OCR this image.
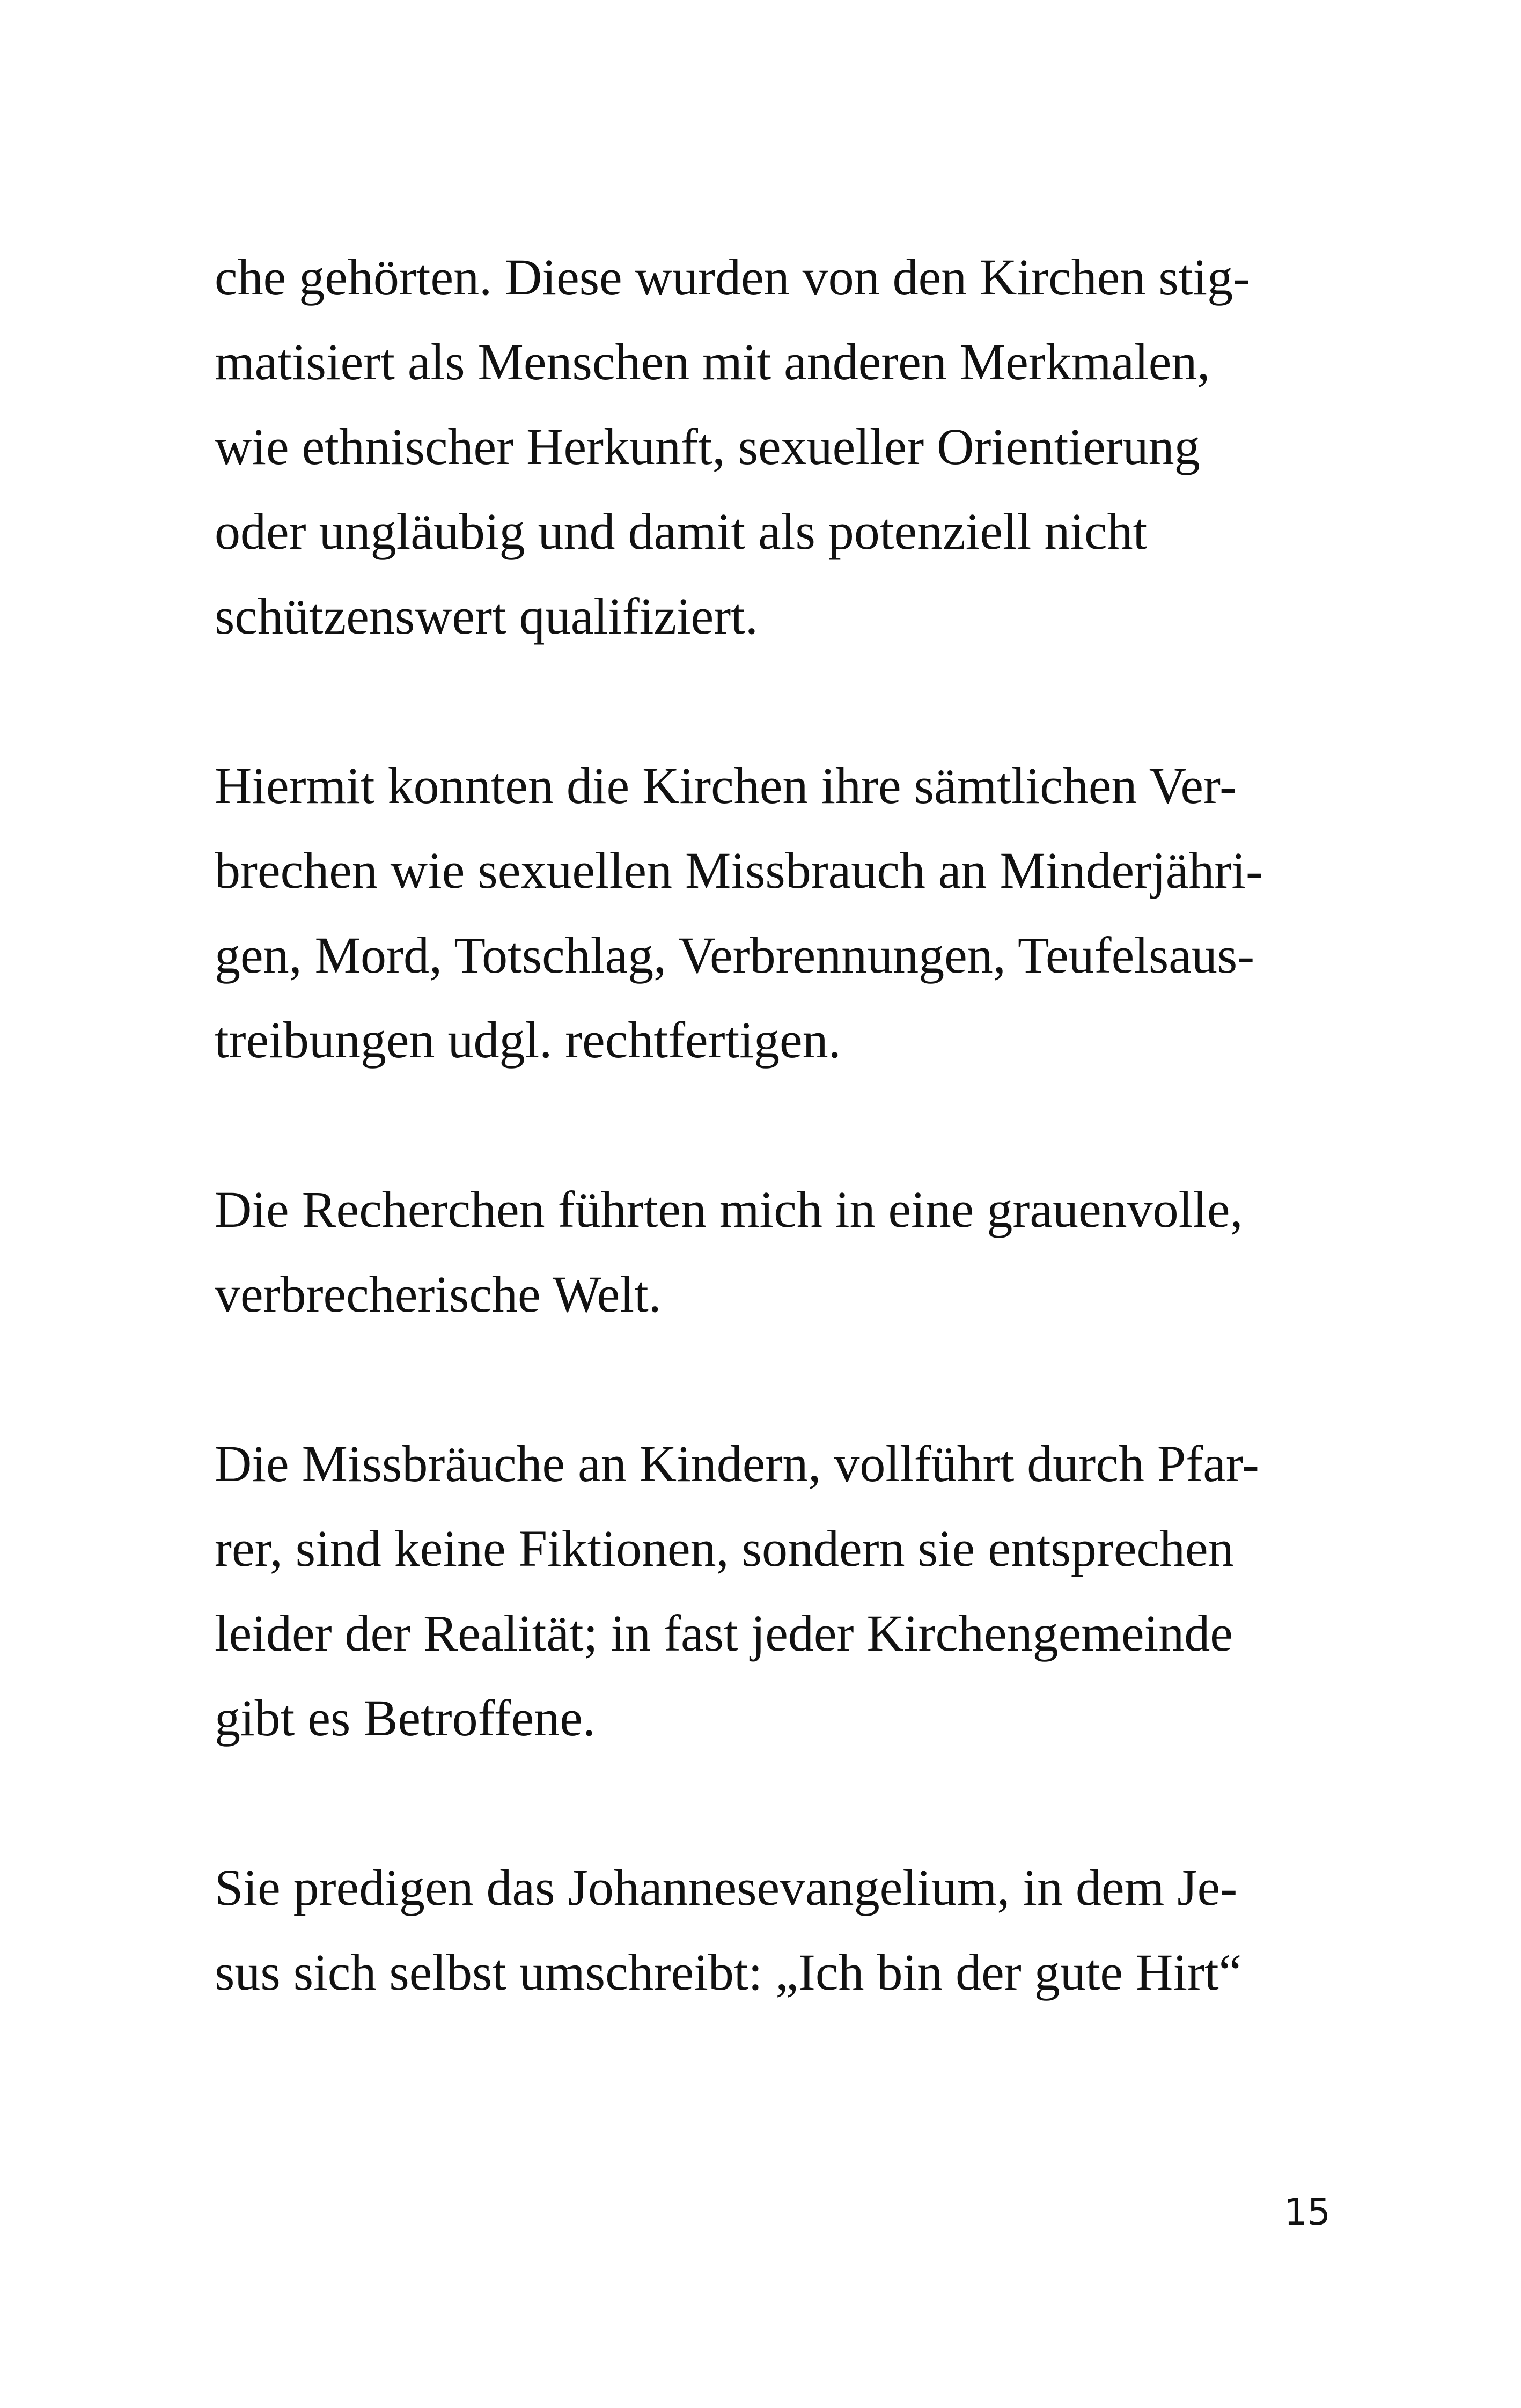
che gehörten. Diese wurden von den Kirchen stig-
matisiert als Menschen mit anderen Merkmalen,
wie ethnischer Herkunft, sexueller Orientierung
oder ungläubig und damit als potenziell nicht
schützenswert qualifiziert.
Hiermit konnten die Kirchen ihre sämtlichen Ver-
brechen wie sexuellen Missbrauch an Minderjähri-
gen, Mord, Totschlag, Verbrennungen, Teufelsaus-
treibungen udgl. rechtfertigen.
Die Recherchen führten mich in eine grauenvolle,
verbrecherische Welt.
Die Missbräuche an Kindern, vollführt durch Pfar-
rer, sind keine Fiktionen, sondern sie entsprechen
leider der Realität; in fast jeder Kirchengemeinde
gibt es Betroffene.
Sie predigen das Johannesevangelium, in dem Je-
sus sich selbst umschreibt: „Ich bin der gute Hirt“
15
